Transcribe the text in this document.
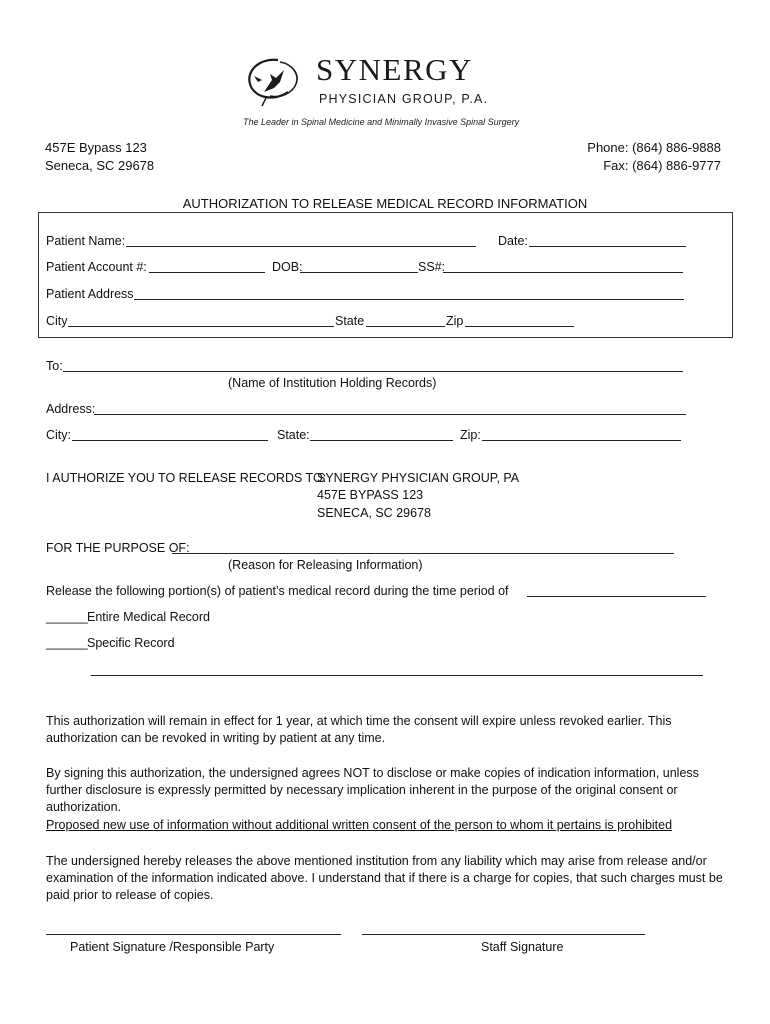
SYNERGY
PHYSICIAN GROUP, P.A.
The Leader in Spinal Medicine and Minimally Invasive Spinal Surgery
457E Bypass 123
Seneca, SC 29678
Phone: (864) 886-9888
Fax: (864) 886-9777
AUTHORIZATION TO RELEASE MEDICAL RECORD INFORMATION
Patient Name:	Date:
Patient Account #:	DOB:	SS#:
Patient Address
City	State	Zip
To:
(Name of Institution Holding Records)
Address:
City:	State:	Zip:
I AUTHORIZE YOU TO RELEASE RECORDS TO:
SYNERGY PHYSICIAN GROUP, PA
457E BYPASS 123
SENECA, SC 29678
FOR THE PURPOSE OF:
(Reason for Releasing Information)
Release the following portion(s) of patient’s medical record during the time period of
______ Entire Medical Record
______ Specific Record
This authorization will remain in effect for 1 year, at which time the consent will expire unless revoked earlier. This authorization can be revoked in writing by patient at any time.
By signing this authorization, the undersigned agrees NOT to disclose or make copies of indication information, unless further disclosure is expressly permitted by necessary implication inherent in the purpose of the original consent or authorization.
Proposed new use of information without additional written consent of the person to whom it pertains is prohibited
The undersigned hereby releases the above mentioned institution from any liability which may arise from release and/or examination of the information indicated above. I understand that if there is a charge for copies, that such charges must be paid prior to release of copies.
Patient Signature /Responsible Party	Staff Signature
